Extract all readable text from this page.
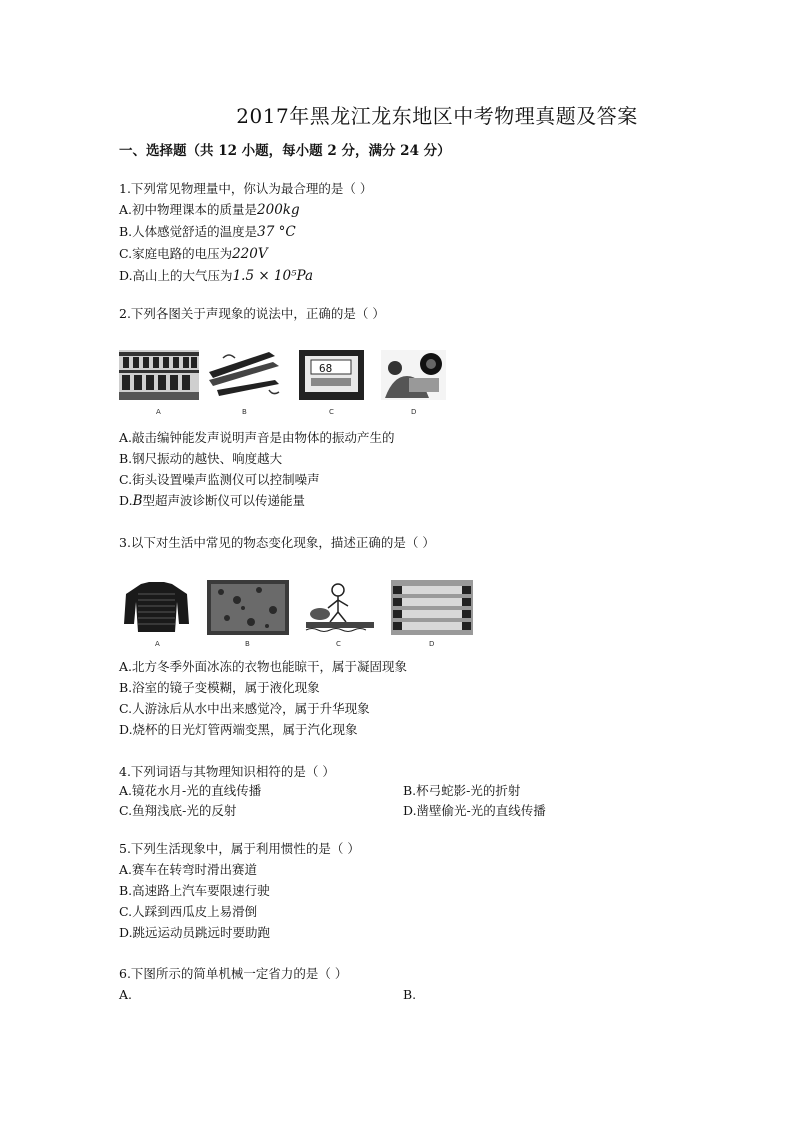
2017年黑龙江龙东地区中考物理真题及答案
一、选择题（共 12 小题，每小题 2 分，满分 24 分）
1.下列常见物理量中，你认为最合理的是（ ）
A.初中物理课本的质量是200kg
B.人体感觉舒适的温度是37 °C
C.家庭电路的电压为220V
D.高山上的大气压为1.5 × 10⁵Pa
2.下列各图关于声现象的说法中，正确的是（ ）
A	B
68
C	D
A.敲击编钟能发声说明声音是由物体的振动产生的
B.钢尺振动的越快、响度越大
C.街头设置噪声监测仪可以控制噪声
D.B型超声波诊断仪可以传递能量
3.以下对生活中常见的物态变化现象，描述正确的是（ ）
A	B	C	D
A.北方冬季外面冰冻的衣物也能晾干，属于凝固现象
B.浴室的镜子变模糊，属于液化现象
C.人游泳后从水中出来感觉冷，属于升华现象
D.烧杯的日光灯管两端变黑，属于汽化现象
4.下列词语与其物理知识相符的是（ ）
A.镜花水月-光的直线传播	B.杯弓蛇影-光的折射
C.鱼翔浅底-光的反射	D.凿壁偷光-光的直线传播
5.下列生活现象中，属于利用惯性的是（ ）
A.赛车在转弯时滑出赛道
B.高速路上汽车要限速行驶
C.人踩到西瓜皮上易滑倒
D.跳远运动员跳远时要助跑
6.下图所示的简单机械一定省力的是（ ）
A.	B.
